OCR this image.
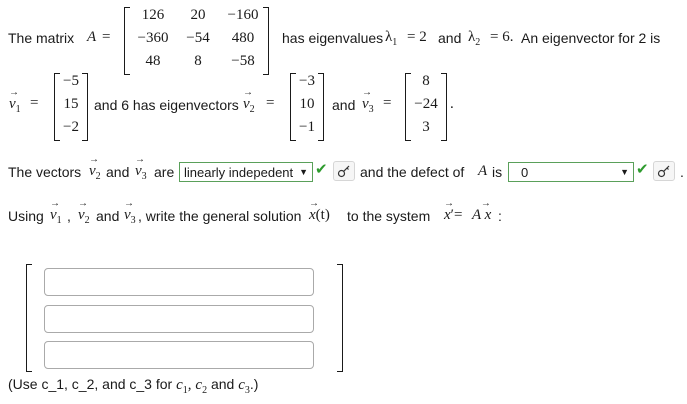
The matrix A =
126	20	−160
−360	−54	480
48	8	−58
has eigenvalues $\lambda_1 = 2$ and $\lambda_2 = 6$. An eigenvector for 2 is
→
$v_1$ =
−5
15
−2
and 6 has eigenvectors
→
$v_2$ =
−3
10
−1
and
→
$v_3$ =
8
−24
3
.
The vectors
→
$v_2$ and
→
$v_3$ are linearly indepedent ▼ ✔ and the defect of A is	0	▼ ✔ .
Using
→
$v_1$ ,
→
$v_2$ and
→
$v_3$ , write the general solution
→
x(t) to the system
→
x′= A
→
x :
(Use c_1, c_2, and c_3 for $c_1$, $c_2$ and $c_3$.)
